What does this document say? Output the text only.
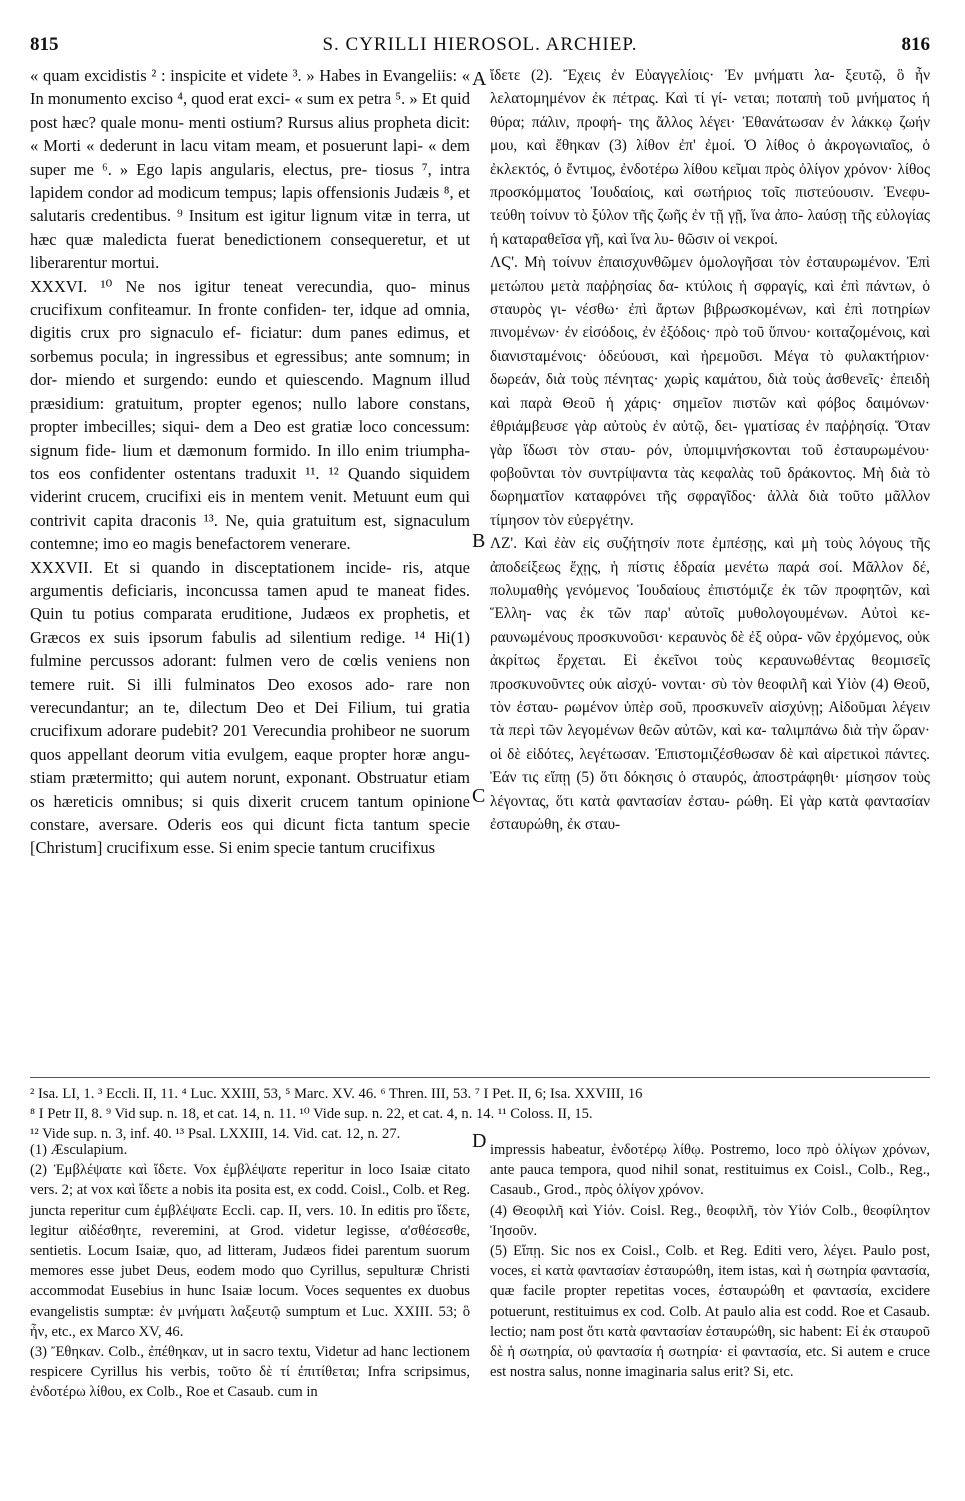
815	S. CYRILLI HIEROSOL. ARCHIEP.	816

« quam excidistis ² : inspicite et videte ³. » Habes in Evangeliis: « In monumento exciso ⁴, quod erat exci- « sum ex petra ⁵. » Et quid post hæc? quale monu- menti ostium? Rursus alius propheta dicit: « Morti « dederunt in lacu vitam meam, et posuerunt lapi- « dem super me ⁶. » Ego lapis angularis, electus, pre- tiosus ⁷, intra lapidem condor ad modicum tempus; lapis offensionis Judæis ⁸, et salutaris credentibus. ⁹ Insitum est igitur lignum vitæ in terra, ut hæc quæ maledicta fuerat benedictionem consequeretur, et ut liberarentur mortui.

XXXVI. ¹⁰ Ne nos igitur teneat verecundia, quo- minus crucifixum confiteamur. In fronte confiden- ter, idque ad omnia, digitis crux pro signaculo ef- ficiatur: dum panes edimus, et sorbemus pocula; in ingressibus et egressibus; ante somnum; in dor- miendo et surgendo: eundo et quiescendo. Magnum illud præsidium: gratuitum, propter egenos; nullo labore constans, propter imbecilles; siqui- dem a Deo est gratiæ loco concessum: signum fide- lium et dæmonum formido. In illo enim triumpha- tos eos confidenter ostentans traduxit ¹¹. ¹² Quando siquidem viderint crucem, crucifixi eis in mentem venit. Metuunt eum qui contrivit capita draconis ¹³. Ne, quia gratuitum est, signaculum contemne; imo eo magis benefactorem venerare.

XXXVII. Et si quando in disceptationem incide- ris, atque argumentis deficiaris, inconcussa tamen apud te maneat fides. Quin tu potius comparata eruditione, Judæos ex prophetis, et Græcos ex suis ipsorum fabulis ad silentium redige. ¹⁴ Hi(1) fulmine percussos adorant: fulmen vero de cœlis veniens non temere ruit. Si illi fulminatos Deo exosos ado- rare non verecundantur; an te, dilectum Deo et Dei Filium, tui gratia crucifixum adorare pudebit? 201 Verecundia prohibeor ne suorum quos appellant deorum vitia evulgem, eaque propter horæ angu- stiam prætermitto; qui autem norunt, exponant. Obstruatur etiam os hæreticis omnibus; si quis dixerit crucem tantum opinione constare, aversare. Oderis eos qui dicunt ficta tantum specie [Christum] crucifixum esse. Si enim specie tantum crucifixus

A
B
C
D

ἴδετε (2). Ἔχεις ἐν Εὐαγγελίοις· Ἐν μνήματι λα- ξευτῷ, ὃ ἦν λελατομημένον ἐκ πέτρας. Καὶ τί γί- νεται; ποταπὴ τοῦ μνήματος ἡ θύρα; πάλιν, προφή- της ἄλλος λέγει· Ἐθανάτωσαν ἐν λάκκῳ ζωήν μου, καὶ ἔθηκαν (3) λίθον ἐπ' ἐμοί. Ὁ λίθος ὁ ἀκρογωνιαῖος, ὁ ἐκλεκτός, ὁ ἔντιμος, ἐνδοτέρω λίθου κεῖμαι πρὸς ὀλίγον χρόνον· λίθος προσκόμματος Ἰουδαίοις, καὶ σωτήριος τοῖς πιστεύουσιν. Ἐνεφυ- τεύθη τοίνυν τὸ ξύλον τῆς ζωῆς ἐν τῇ γῇ, ἵνα ἀπο- λαύσῃ τῆς εὐλογίας ἡ καταραθεῖσα γῆ, καὶ ἵνα λυ- θῶσιν οἱ νεκροί.

ΛϚ'. Μὴ τοίνυν ἐπαισχυνθῶμεν ὁμολογῆσαι τὸν ἐσταυρωμένον. Ἐπὶ μετώπου μετὰ παῤῥησίας δα- κτύλοις ἡ σφραγίς, καὶ ἐπὶ πάντων, ὁ σταυρὸς γι- νέσθω· ἐπὶ ἄρτων βιβρωσκομένων, καὶ ἐπὶ ποτηρίων πινομένων· ἐν εἰσόδοις, ἐν ἐξόδοις· πρὸ τοῦ ὕπνου· κοιταζομένοις, καὶ διανισταμένοις· ὁδεύουσι, καὶ ἠρεμοῦσι. Μέγα τὸ φυλακτήριον· δωρεάν, διὰ τοὺς πένητας· χωρὶς καμάτου, διὰ τοὺς ἀσθενεῖς· ἐπειδὴ καὶ παρὰ Θεοῦ ἡ χάρις· σημεῖον πιστῶν καὶ φόβος δαιμόνων· ἐθριάμβευσε γὰρ αὐτοὺς ἐν αὐτῷ, δει- γματίσας ἐν παῤῥησίᾳ. Ὅταν γὰρ ἴδωσι τὸν σταυ- ρόν, ὑπομιμνήσκονται τοῦ ἐσταυρωμένου· φοβοῦνται τὸν συντρίψαντα τὰς κεφαλὰς τοῦ δράκοντος. Μὴ διὰ τὸ δωρηματῖον καταφρόνει τῆς σφραγῖδος· ἀλλὰ διὰ τοῦτο μᾶλλον τίμησον τὸν εὐεργέτην.

ΛΖ'. Καὶ ἐὰν εἰς συζήτησίν ποτε ἐμπέσῃς, καὶ μὴ τοὺς λόγους τῆς ἀποδείξεως ἔχῃς, ἡ πίστις ἑδραία μενέτω παρά σοί. Μᾶλλον δέ, πολυμαθὴς γενόμενος Ἰουδαίους ἐπιστόμιζε ἐκ τῶν προφητῶν, καὶ Ἕλλη- νας ἐκ τῶν παρ' αὐτοῖς μυθολογουμένων. Αὐτοὶ κε- ραυνωμένους προσκυνοῦσι· κεραυνὸς δὲ ἐξ οὐρα- νῶν ἐρχόμενος, οὐκ ἀκρίτως ἔρχεται. Εἰ ἐκεῖνοι τοὺς κεραυνωθέντας θεομισεῖς προσκυνοῦντες οὐκ αἰσχύ- νονται· σὺ τὸν θεοφιλῆ καὶ Υἱὸν (4) Θεοῦ, τὸν ἐσταυ- ρωμένον ὑπὲρ σοῦ, προσκυνεῖν αἰσχύνῃ; Αἰδοῦμαι λέγειν τὰ περὶ τῶν λεγομένων θεῶν αὐτῶν, καὶ κα- ταλιμπάνω διὰ τὴν ὥραν· οἱ δὲ εἰδότες, λεγέτωσαν. Ἐπιστομιζέσθωσαν δὲ καὶ αἱρετικοὶ πάντες. Ἐάν τις εἴπῃ (5) ὅτι δόκησις ὁ σταυρός, ἀποστράφηθι· μίσησον τοὺς λέγοντας, ὅτι κατὰ φαντασίαν ἐσταυ- ρώθη. Εἰ γὰρ κατὰ φαντασίαν ἐσταυρώθη, ἐκ σταυ-

² Isa. LI, 1. ³ Eccli. II, 11. ⁴ Luc. XXIII, 53, ⁵ Marc. XV. 46. ⁶ Thren. III, 53. ⁷ I Pet. II, 6; Isa. XXVIII, 16

⁸ I Petr II, 8. ⁹ Vid sup. n. 18, et cat. 14, n. 11. ¹⁰ Vide sup. n. 22, et cat. 4, n. 14. ¹¹ Coloss. II, 15.

¹² Vide sup. n. 3, inf. 40. ¹³ Psal. LXXIII, 14. Vid. cat. 12, n. 27.

(1) Æsculapium.

(2) Ἐμβλέψατε καὶ ἴδετε. Vox ἐμβλέψατε reperitur in loco Isaiæ citato vers. 2; at vox καὶ ἴδετε a nobis ita posita est, ex codd. Coisl., Colb. et Reg. juncta reperitur cum ἐμβλέψατε Eccli. cap. II, vers. 10. In editis pro ἴδετε, legitur αἰδέσθητε, reveremini, at Grod. videtur legisse, α'σθέσεσθε, sentietis. Locum Isaiæ, quo, ad litteram, Judæos fidei parentum suorum memores esse jubet Deus, eodem modo quo Cyrillus, sepulturæ Christi accommodat Eusebius in hunc Isaiæ locum. Voces sequentes ex duobus evangelistis sumptæ: ἐν μνήματι λαξευτῷ sumptum et Luc. XXIII. 53; ὃ ἦν, etc., ex Marco XV, 46.

(3) Ἔθηκαν. Colb., ἐπέθηκαν, ut in sacro textu, Videtur ad hanc lectionem respicere Cyrillus his verbis, τοῦτο δὲ τί ἐπιτίθεται; Infra scripsimus, ἐνδοτέρω λίθου, ex Colb., Roe et Casaub. cum in

impressis habeatur, ἐνδοτέρῳ λίθῳ. Postremo, loco πρὸ ὀλίγων χρόνων, ante pauca tempora, quod nihil sonat, restituimus ex Coisl., Colb., Reg., Casaub., Grod., πρὸς ὀλίγον χρόνον.

(4) Θεοφιλῆ καὶ Υἱόν. Coisl. Reg., θεοφιλῆ, τὸν Υἱόν Colb., θεοφίλητον Ἰησοῦν.

(5) Εἴπῃ. Sic nos ex Coisl., Colb. et Reg. Editi vero, λέγει. Paulo post, voces, εἰ κατὰ φαντασίαν ἐσταυρώθη, item istas, καὶ ἡ σωτηρία φαντασία, quæ facile propter repetitas voces, ἐσταυρώθη et φαντασία, excidere potuerunt, restituimus ex cod. Colb. At paulo alia est codd. Roe et Casaub. lectio; nam post ὅτι κατὰ φαντασίαν ἐσταυρώθη, sic habent: Εἰ ἐκ σταυροῦ δὲ ἡ σωτηρία, οὐ φαντασία ἡ σωτηρία· εἰ φαντασία, etc. Si autem e cruce est nostra salus, nonne imaginaria salus erit? Si, etc.
